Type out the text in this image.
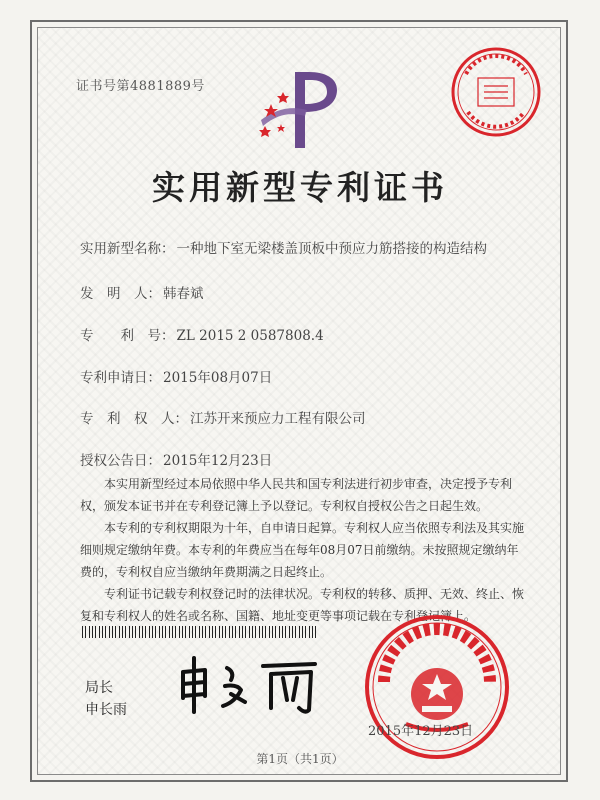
证书号第4881889号
实用新型专利证书
实用新型名称： 一种地下室无梁楼盖顶板中预应力筋搭接的构造结构
发　明　人： 韩春斌
专　　利　号： ZL 2015 2 0587808.4
专利申请日： 2015年08月07日
专　利　权　人： 江苏开来预应力工程有限公司
授权公告日： 2015年12月23日

本实用新型经过本局依照中华人民共和国专利法进行初步审查，决定授予专利权，颁发本证书并在专利登记簿上予以登记。专利权自授权公告之日起生效。

本专利的专利权期限为十年，自申请日起算。专利权人应当依照专利法及其实施细则规定缴纳年费。本专利的年费应当在每年08月07日前缴纳。未按照规定缴纳年费的，专利权自应当缴纳年费期满之日起终止。

专利证书记载专利权登记时的法律状况。专利权的转移、质押、无效、终止、恢复和专利权人的姓名或名称、国籍、地址变更等事项记载在专利登记簿上。

局长
申长雨
2015年12月23日
第1页（共1页）
